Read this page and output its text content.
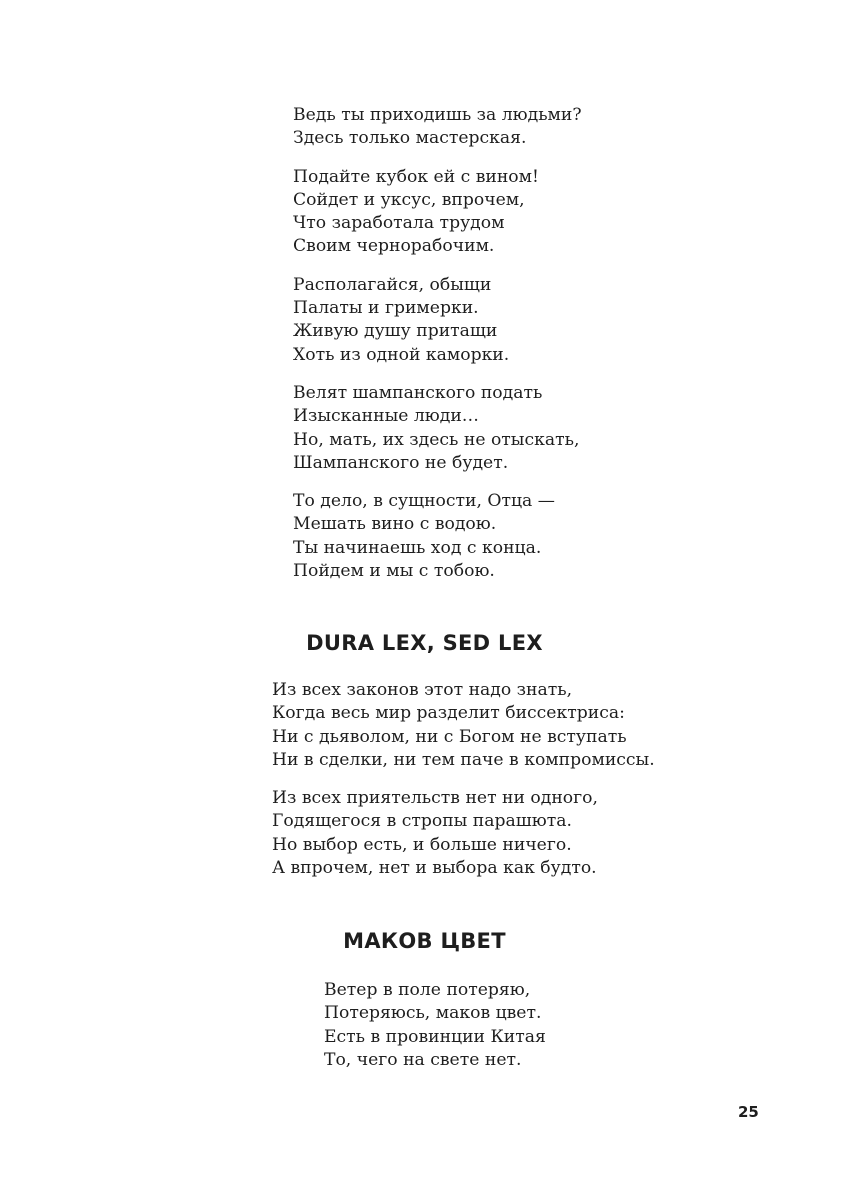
Ведь ты приходишь за людьми?
Здесь только мастерская.
Подайте кубок ей с вином!
Сойдет и уксус, впрочем,
Что заработала трудом
Своим чернорабочим.
Располагайся, обыщи
Палаты и гримерки.
Живую душу притащи
Хоть из одной каморки.
Велят шампанского подать
Изысканные люди…
Но, мать, их здесь не отыскать,
Шампанского не будет.
То дело, в сущности, Отца —
Мешать вино с водою.
Ты начинаешь ход с конца.
Пойдем и мы с тобою.
DURA LEX, SED LEX
Из всех законов этот надо знать,
Когда весь мир разделит биссектриса:
Ни с дьяволом, ни с Богом не вступать
Ни в сделки, ни тем паче в компромиссы.
Из всех приятельств нет ни одного,
Годящегося в стропы парашюта.
Но выбор есть, и больше ничего.
А впрочем, нет и выбора как будто.
МАКОВ ЦВЕТ
Ветер в поле потеряю,
Потеряюсь, маков цвет.
Есть в провинции Китая
То, чего на свете нет.
25
